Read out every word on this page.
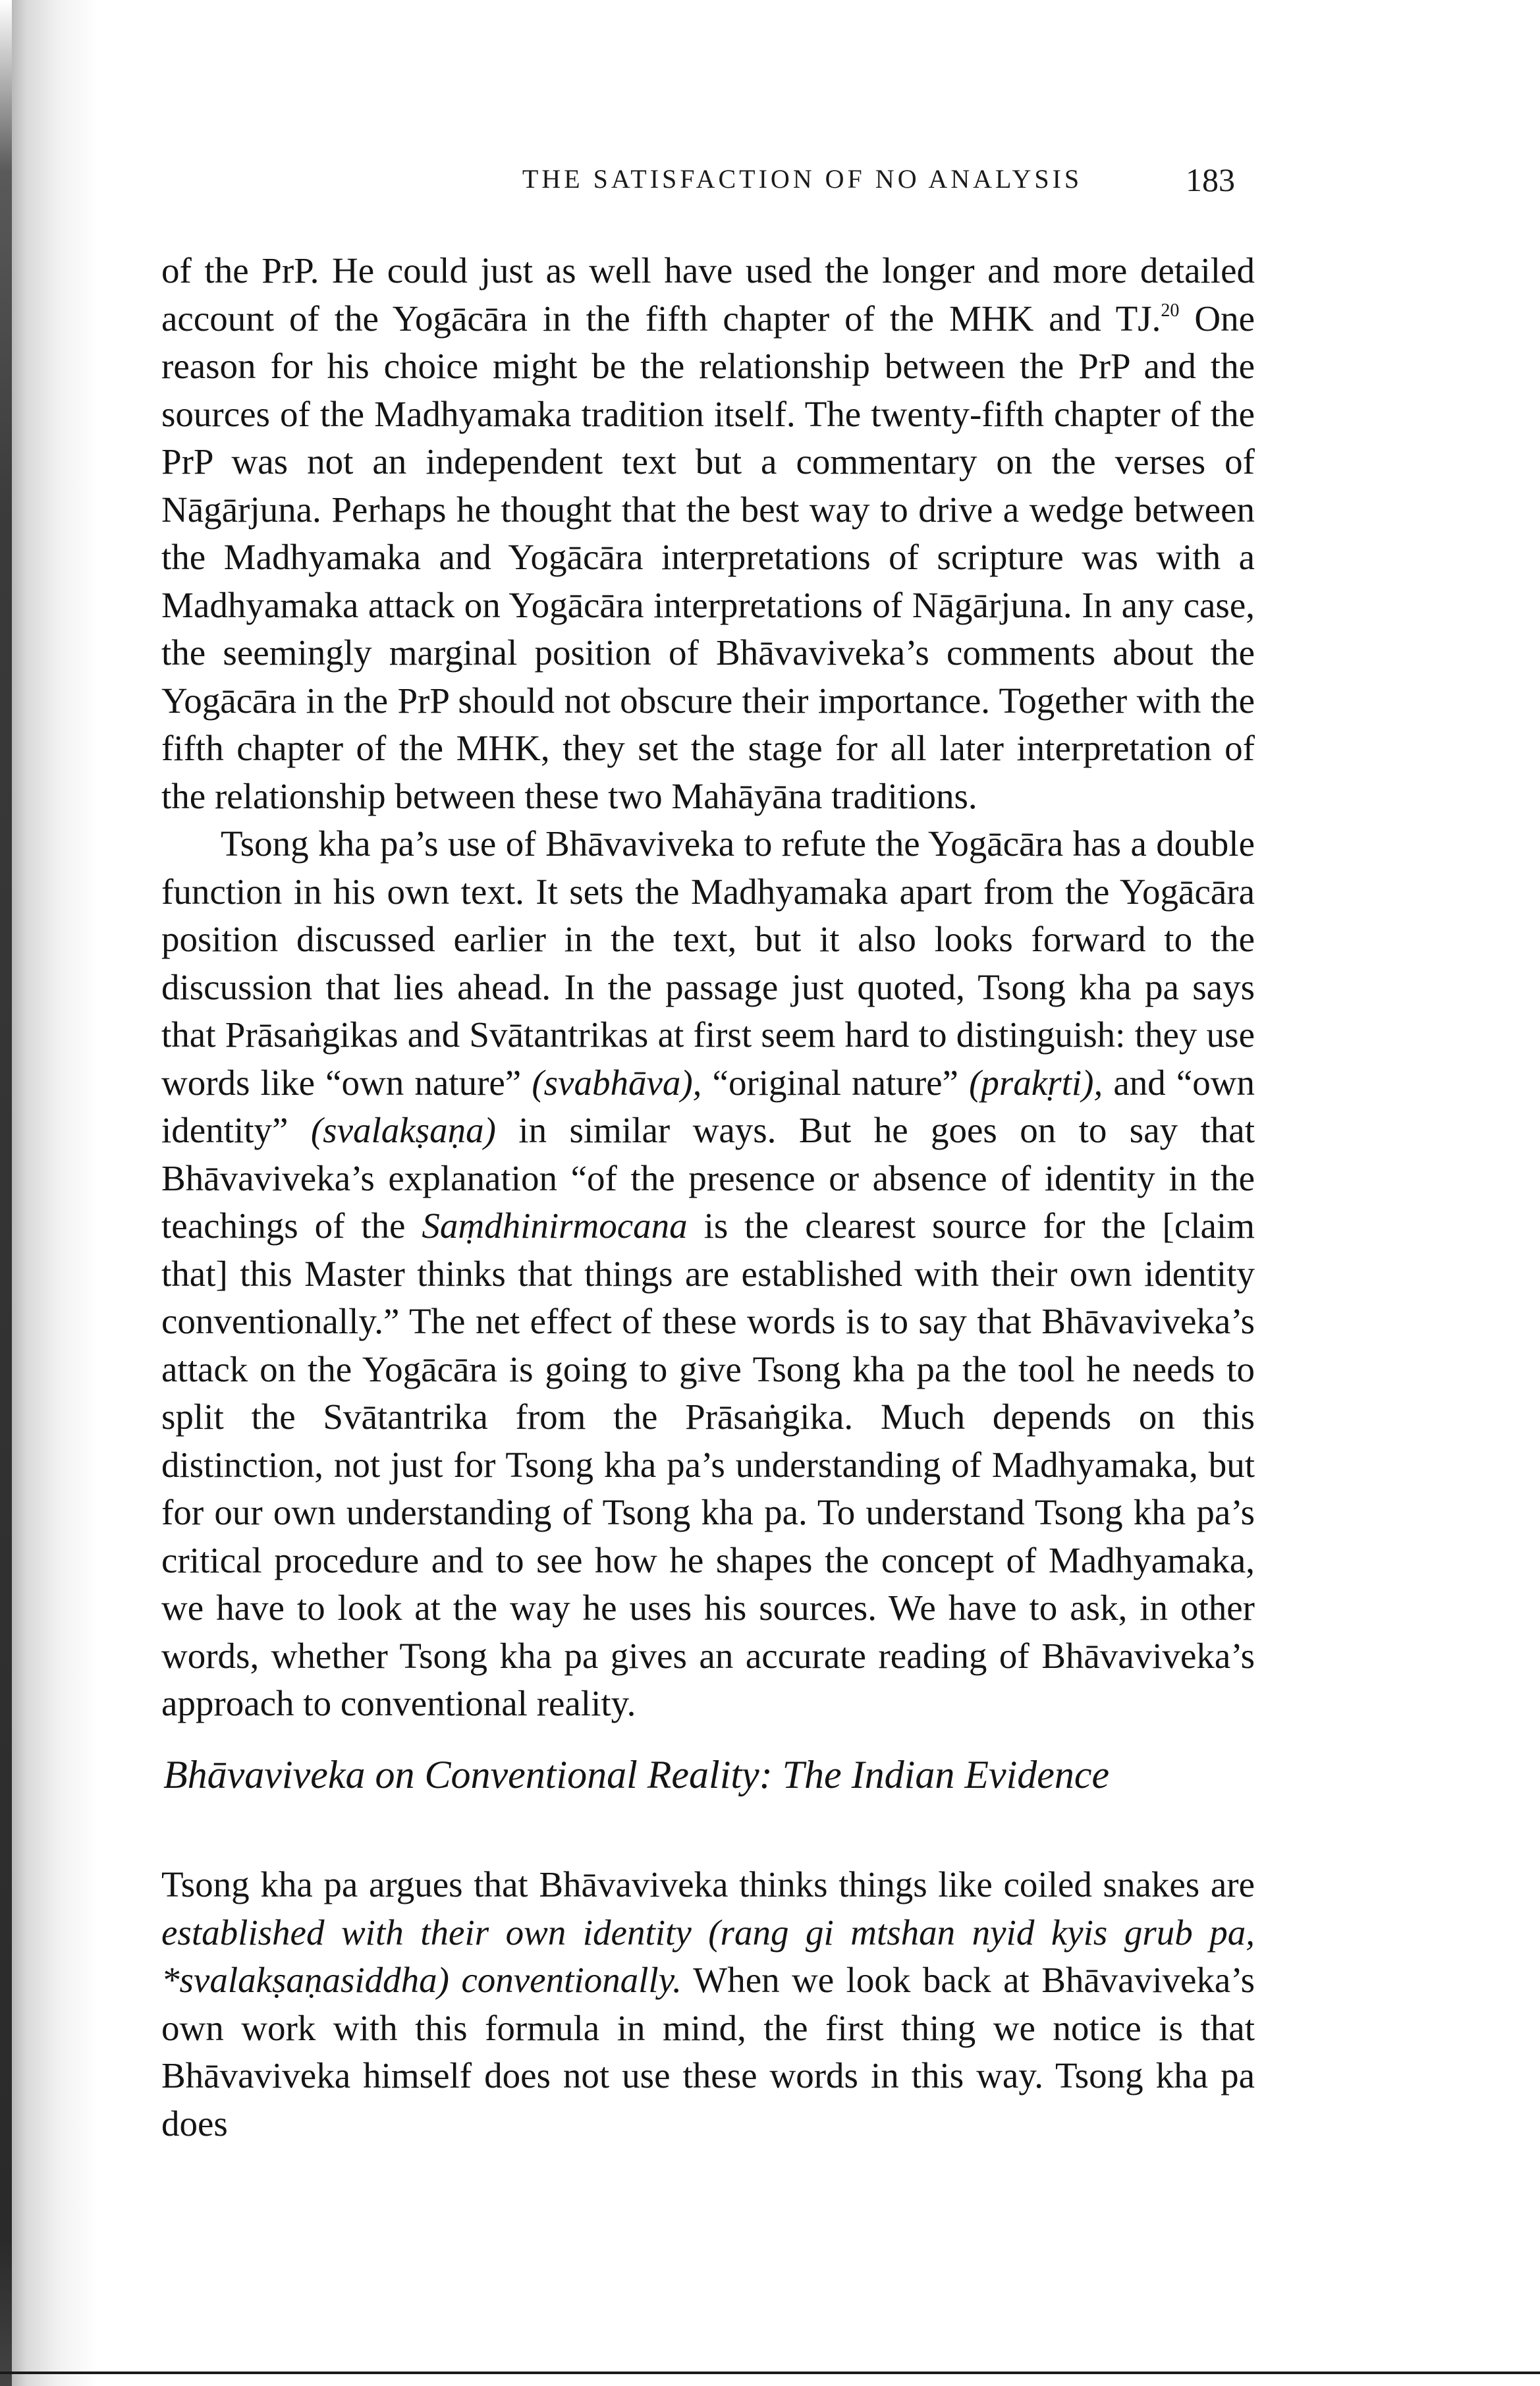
THE SATISFACTION OF NO ANALYSIS	183

of the PrP. He could just as well have used the longer and more detailed account of the Yogācāra in the fifth chapter of the MHK and TJ.$^{20}$ One reason for his choice might be the relationship between the PrP and the sources of the Madhyamaka tradition itself. The twenty-fifth chapter of the PrP was not an independent text but a commentary on the verses of Nāgārjuna. Perhaps he thought that the best way to drive a wedge between the Madhyamaka and Yogācāra interpretations of scripture was with a Madhyamaka attack on Yogācāra interpretations of Nāgārjuna. In any case, the seemingly marginal position of Bhāvaviveka’s comments about the Yogācāra in the PrP should not obscure their importance. Together with the fifth chapter of the MHK, they set the stage for all later interpretation of the relationship between these two Mahāyāna traditions.

Tsong kha pa’s use of Bhāvaviveka to refute the Yogācāra has a double function in his own text. It sets the Madhyamaka apart from the Yogācāra position discussed earlier in the text, but it also looks forward to the discussion that lies ahead. In the passage just quoted, Tsong kha pa says that Prāsaṅgikas and Svātantrikas at first seem hard to distinguish: they use words like “own nature” (svabhāva), “original nature” (prakṛti), and “own identity” (svalakṣaṇa) in similar ways. But he goes on to say that Bhāvaviveka’s explanation “of the presence or absence of identity in the teachings of the Saṃdhinirmocana is the clearest source for the [claim that] this Master thinks that things are established with their own identity conventionally.” The net effect of these words is to say that Bhāvaviveka’s attack on the Yogācāra is going to give Tsong kha pa the tool he needs to split the Svātantrika from the Prāsaṅgika. Much depends on this distinction, not just for Tsong kha pa’s understanding of Madhyamaka, but for our own understanding of Tsong kha pa. To understand Tsong kha pa’s critical procedure and to see how he shapes the concept of Madhyamaka, we have to look at the way he uses his sources. We have to ask, in other words, whether Tsong kha pa gives an accurate reading of Bhāvaviveka’s approach to conventional reality.

Bhāvaviveka on Conventional Reality: The Indian Evidence

Tsong kha pa argues that Bhāvaviveka thinks things like coiled snakes are established with their own identity (rang gi mtshan nyid kyis grub pa, *svalakṣaṇasiddha) conventionally. When we look back at Bhāvaviveka’s own work with this formula in mind, the first thing we notice is that Bhāvaviveka himself does not use these words in this way. Tsong kha pa does
